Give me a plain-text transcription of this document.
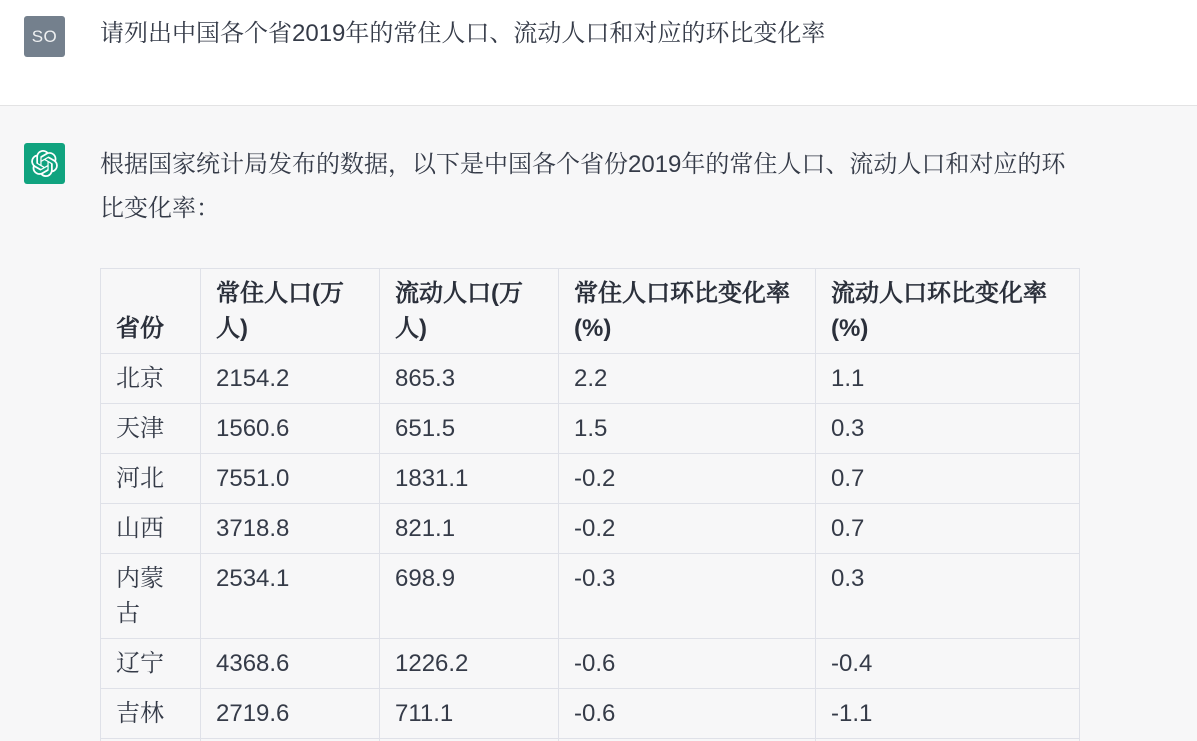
SO 请列出中国各个省2019年的常住人口、流动人口和对应的环比变化率

根据国家统计局发布的数据，以下是中国各个省份2019年的常住人口、流动人口和对应的环比变化率：

省份	常住人口(万人)	流动人口(万人)	常住人口环比变化率(%)	流动人口环比变化率(%)
北京	2154.2	865.3	2.2	1.1
天津	1560.6	651.5	1.5	0.3
河北	7551.0	1831.1	-0.2	0.7
山西	3718.8	821.1	-0.2	0.7
内蒙古	2534.1	698.9	-0.3	0.3
辽宁	4368.6	1226.2	-0.6	-0.4
吉林	2719.6	711.1	-0.6	-1.1
